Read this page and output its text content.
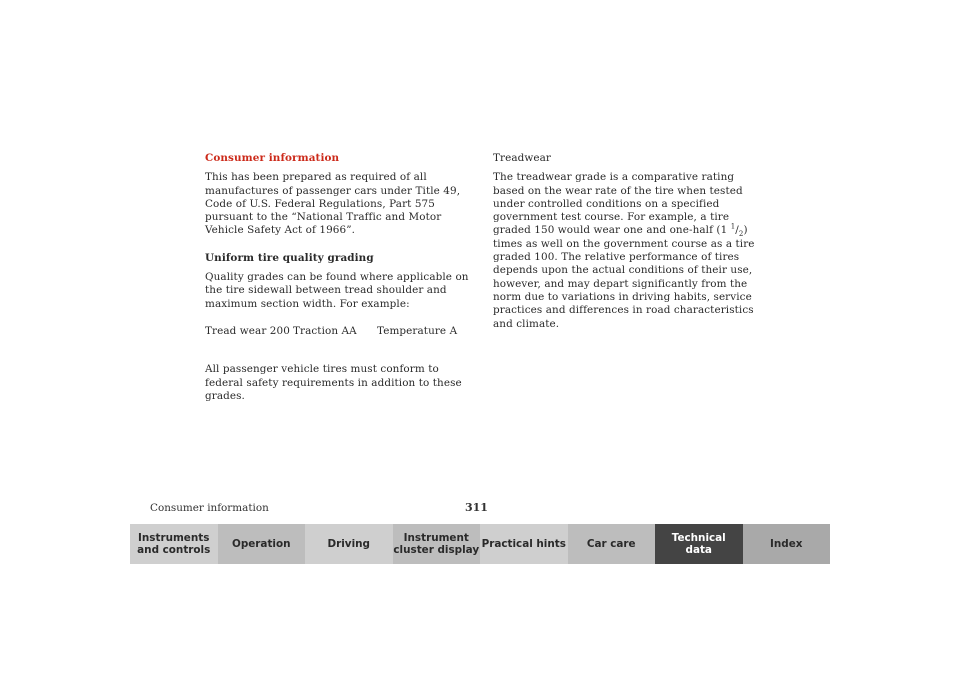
Consumer information

This has been prepared as required of all manufactures of passenger cars under Title 49, Code of U.S. Federal Regulations, Part 575 pursuant to the “National Traffic and Motor Vehicle Safety Act of 1966”.

Uniform tire quality grading

Quality grades can be found where applicable on the tire sidewall between tread shoulder and maximum section width. For example:

Tread wear 200 Traction AA	Temperature A

All passenger vehicle tires must conform to federal safety requirements in addition to these grades.

Treadwear

The treadwear grade is a comparative rating based on the wear rate of the tire when tested under controlled conditions on a specified government test course. For example, a tire graded 150 would wear one and one-half (1 $^1/_2$) times as well on the government course as a tire graded 100. The relative performance of tires depends upon the actual conditions of their use, however, and may depart significantly from the norm due to variations in driving habits, service practices and differences in road characteristics and climate.

Consumer information	311
Instruments
and controls
Operation	Driving
Instrument
cluster display
Practical hints Car care
Technical
data
Index
